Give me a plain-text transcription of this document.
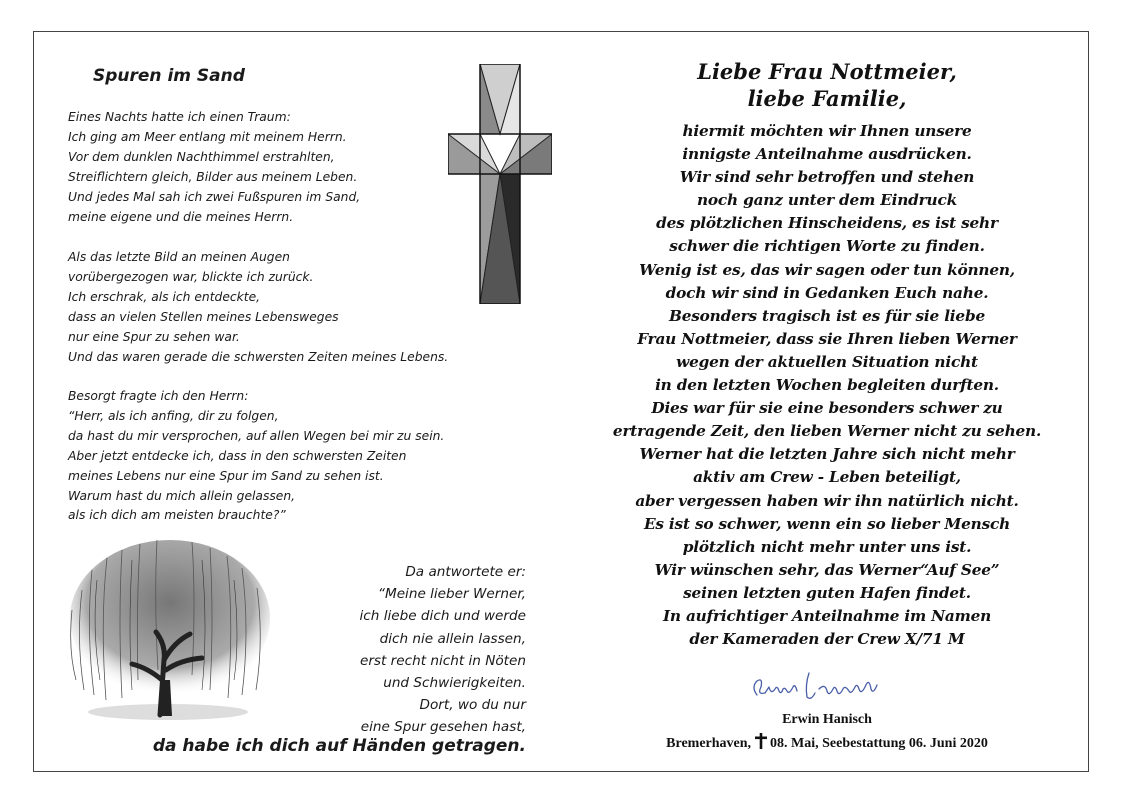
Spuren im Sand
Eines Nachts hatte ich einen Traum:
Ich ging am Meer entlang mit meinem Herrn.
Vor dem dunklen Nachthimmel erstrahlten,
Streiflichtern gleich, Bilder aus meinem Leben.
Und jedes Mal sah ich zwei Fußspuren im Sand,
meine eigene und die meines Herrn.
Als das letzte Bild an meinen Augen
vorübergezogen war, blickte ich zurück.
Ich erschrak, als ich entdeckte,
dass an vielen Stellen meines Lebensweges
nur eine Spur zu sehen war.
Und das waren gerade die schwersten Zeiten meines Lebens.
Besorgt fragte ich den Herrn:
“Herr, als ich anfing, dir zu folgen,
da hast du mir versprochen, auf allen Wegen bei mir zu sein.
Aber jetzt entdecke ich, dass in den schwersten Zeiten
meines Lebens nur eine Spur im Sand zu sehen ist.
Warum hast du mich allein gelassen,
als ich dich am meisten brauchte?”
Da antwortete er:
“Meine lieber Werner,
ich liebe dich und werde
dich nie allein lassen,
erst recht nicht in Nöten
und Schwierigkeiten.
Dort, wo du nur
eine Spur gesehen hast,

da habe ich dich auf Händen getragen.

Liebe Frau Nottmeier,
liebe Familie,
hiermit möchten wir Ihnen unsere
innigste Anteilnahme ausdrücken.
Wir sind sehr betroffen und stehen
noch ganz unter dem Eindruck
des plötzlichen Hinscheidens, es ist sehr
schwer die richtigen Worte zu finden.
Wenig ist es, das wir sagen oder tun können,
doch wir sind in Gedanken Euch nahe.
Besonders tragisch ist es für sie liebe
Frau Nottmeier, dass sie Ihren lieben Werner
wegen der aktuellen Situation nicht
in den letzten Wochen begleiten durften.
Dies war für sie eine besonders schwer zu
ertragende Zeit, den lieben Werner nicht zu sehen.
Werner hat die letzten Jahre sich nicht mehr
aktiv am Crew - Leben beteiligt,
aber vergessen haben wir ihn natürlich nicht.
Es ist so schwer, wenn ein so lieber Mensch
plötzlich nicht mehr unter uns ist.
Wir wünschen sehr, das Werner“Auf See”
seinen letzten guten Hafen findet.
In aufrichtiger Anteilnahme im Namen
der Kameraden der Crew X/71 M

Erwin Hanisch

Bremerhaven, 08. Mai, Seebestattung 06. Juni 2020
